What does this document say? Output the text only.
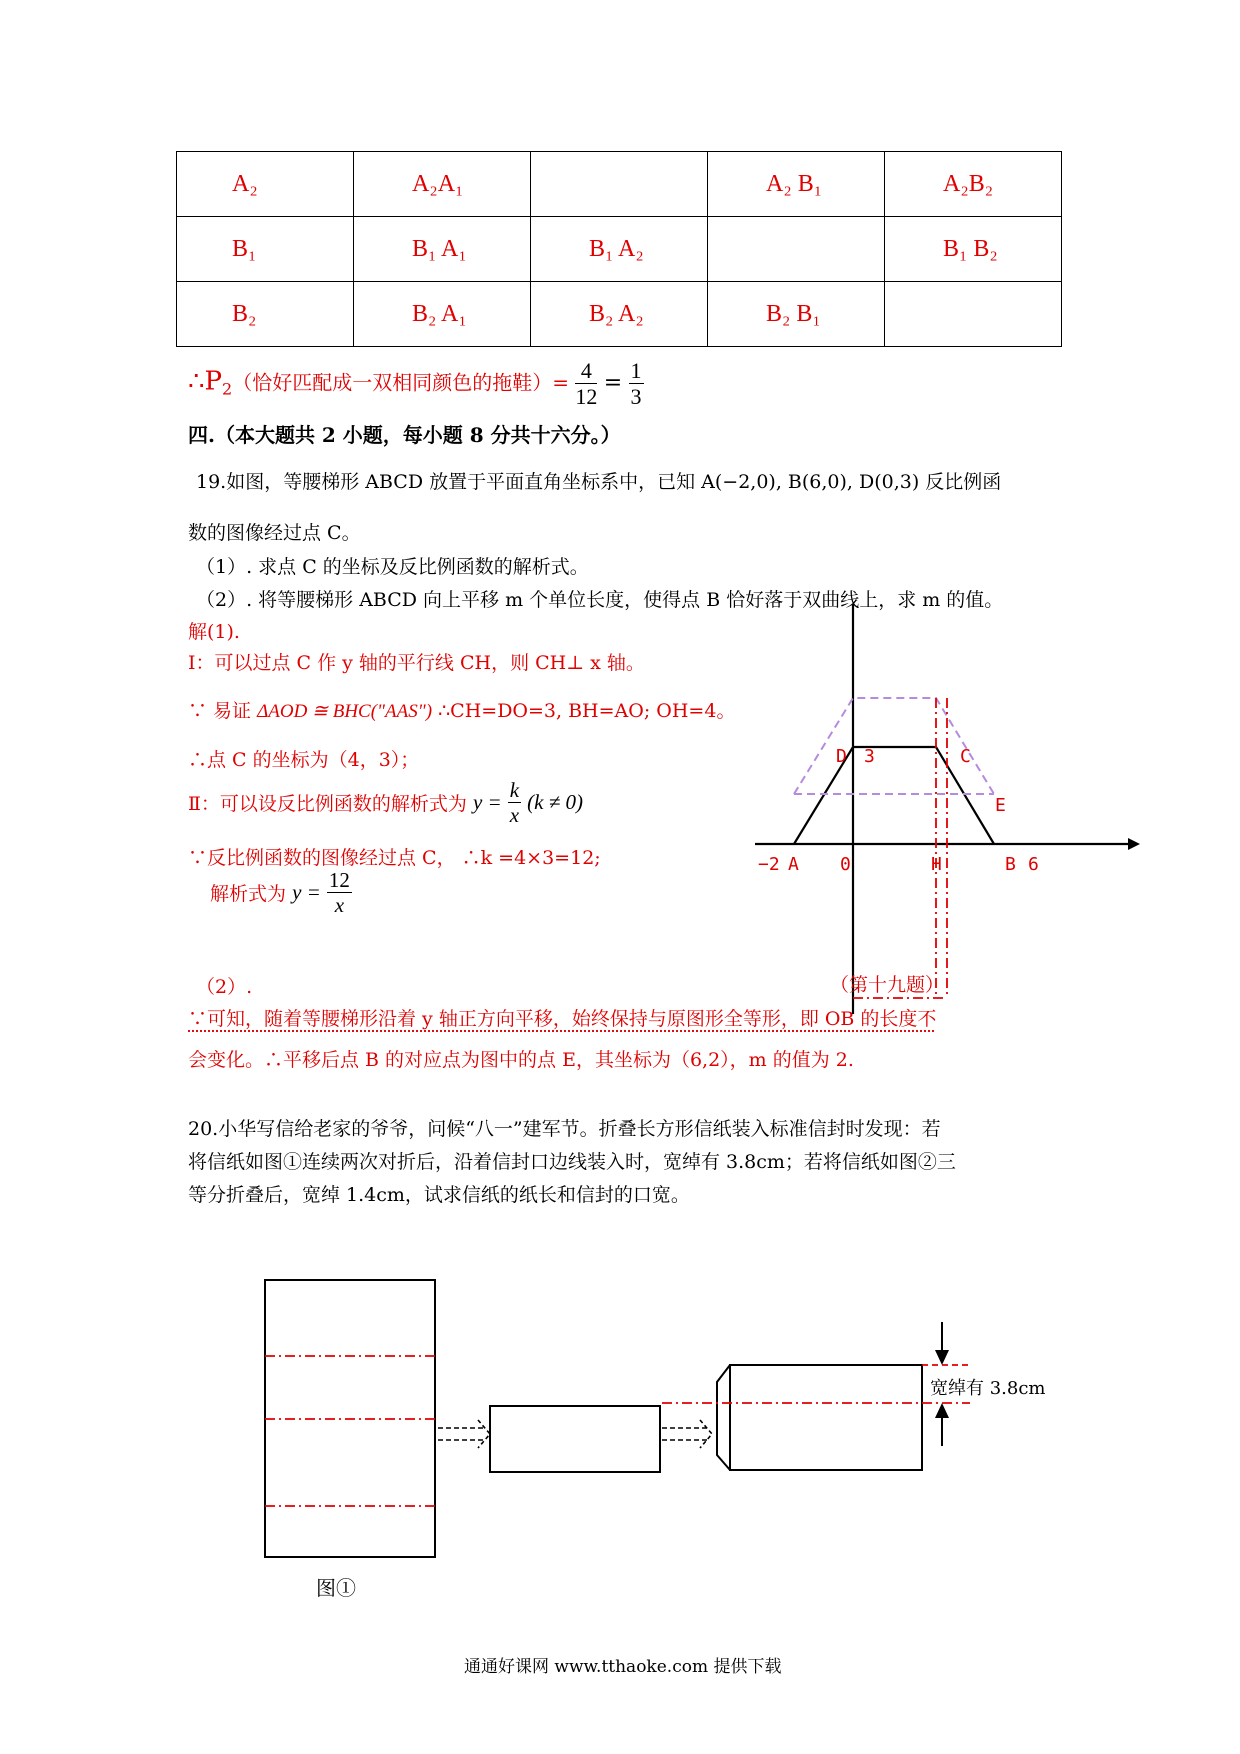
A₂	A₂A₁		A₂ B₁	A₂B₂

B₁	B₁ A₁	B₁ A₂		B₁ B₂

B₂	B₂ A₁	B₂ A₂	B₂ B₁	

$\therefore P_2$（恰好匹配成一双相同颜色的拖鞋）= $\frac{4}{12} = \frac{1}{3}$
四.（本大题共 2 小题，每小题 8 分共十六分。）
19.如图，等腰梯形 ABCD 放置于平面直角坐标系中，已知 A(−2,0), B(6,0), D(0,3) 反比例函
数的图像经过点 C。
（1）. 求点 C 的坐标及反比例函数的解析式。
（2）. 将等腰梯形 ABCD 向上平移 m 个单位长度，使得点 B 恰好落于双曲线上，求 m 的值。
解(1).
Ⅰ：可以过点 C 作 y 轴的平行线 CH，则 CH⊥ x 轴。
∵ 易证 ΔAOD ≅ BHC("AAS") ∴CH=DO=3, BH=AO; OH=4。
∴点 C 的坐标为（4，3）；
Ⅱ：可以设反比例函数的解析式为 $y = \frac{k}{x} (k \ne 0)$
∵反比例函数的图像经过点 C， ∴k =4×3=12;
解析式为 $y = \frac{12}{x}$
（2）.
∵可知，随着等腰梯形沿着 y 轴正方向平移，始终保持与原图形全等形，即 OB 的长度不
会变化。∴平移后点 B 的对应点为图中的点 E，其坐标为（6,2），m 的值为 2.
−2 A 0	H	B 6
D 3	C
E
（第十九题）
20.小华写信给老家的爷爷，问候“八一”建军节。折叠长方形信纸装入标准信封时发现：若
将信纸如图①连续两次对折后，沿着信封口边线装入时，宽绰有 3.8cm；若将信纸如图②三
等分折叠后，宽绰 1.4cm，试求信纸的纸长和信封的口宽。
宽绰有 3.8cm
图①
通通好课网 www.tthaoke.com 提供下载
